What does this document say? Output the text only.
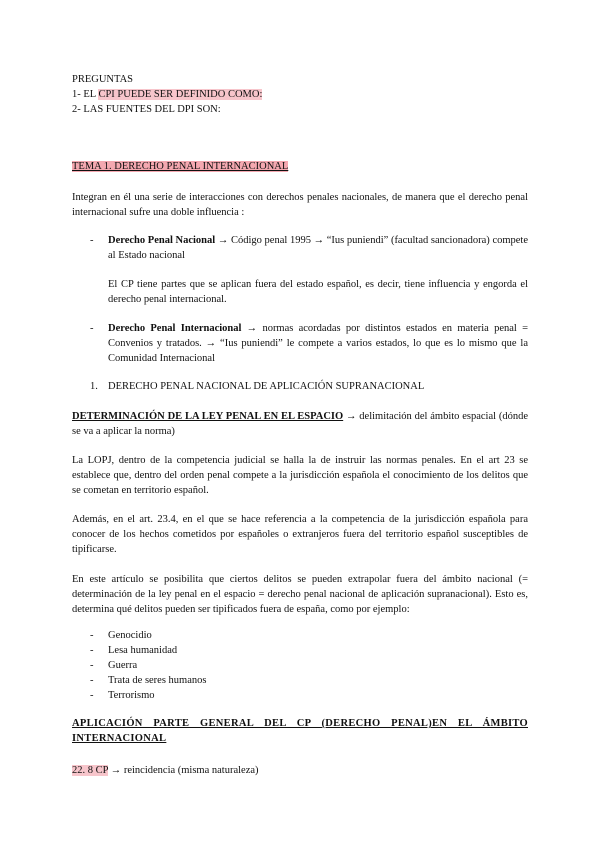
PREGUNTAS
1- EL CPI PUEDE SER DEFINIDO COMO:
2- LAS FUENTES DEL DPI SON:
TEMA 1. DERECHO PENAL INTERNACIONAL
Integran en él una serie de interacciones con derechos penales nacionales, de manera que el derecho penal internacional sufre una doble influencia :
- Derecho Penal Nacional → Código penal 1995 → “Ius puniendi” (facultad sancionadora) compete al Estado nacional
El CP tiene partes que se aplican fuera del estado español, es decir, tiene influencia y engorda el derecho penal internacional.
- Derecho Penal Internacional → normas acordadas por distintos estados en materia penal = Convenios y tratados. → “Ius puniendi” le compete a varios estados, lo que es lo mismo que la Comunidad Internacional
1. DERECHO PENAL NACIONAL DE APLICACIÓN SUPRANACIONAL
DETERMINACIÓN DE LA LEY PENAL EN EL ESPACIO → delimitación del ámbito espacial (dónde se va a aplicar la norma)
La LOPJ, dentro de la competencia judicial se halla la de instruir las normas penales. En el art 23 se establece que, dentro del orden penal compete a la jurisdicción española el conocimiento de los delitos que se cometan en territorio español.
Además, en el art. 23.4, en el que se hace referencia a la competencia de la jurisdicción española para conocer de los hechos cometidos por españoles o extranjeros fuera del territorio español susceptibles de tipificarse.
En este artículo se posibilita que ciertos delitos se pueden extrapolar fuera del ámbito nacional (= determinación de la ley penal en el espacio = derecho penal nacional de aplicación supranacional). Esto es, determina qué delitos pueden ser tipificados fuera de españa, como por ejemplo:
- Genocidio
- Lesa humanidad
- Guerra
- Trata de seres humanos
- Terrorismo
APLICACIÓN PARTE GENERAL DEL CP (DERECHO PENAL)EN EL ÁMBITO INTERNACIONAL
22. 8 CP → reincidencia (misma naturaleza)
